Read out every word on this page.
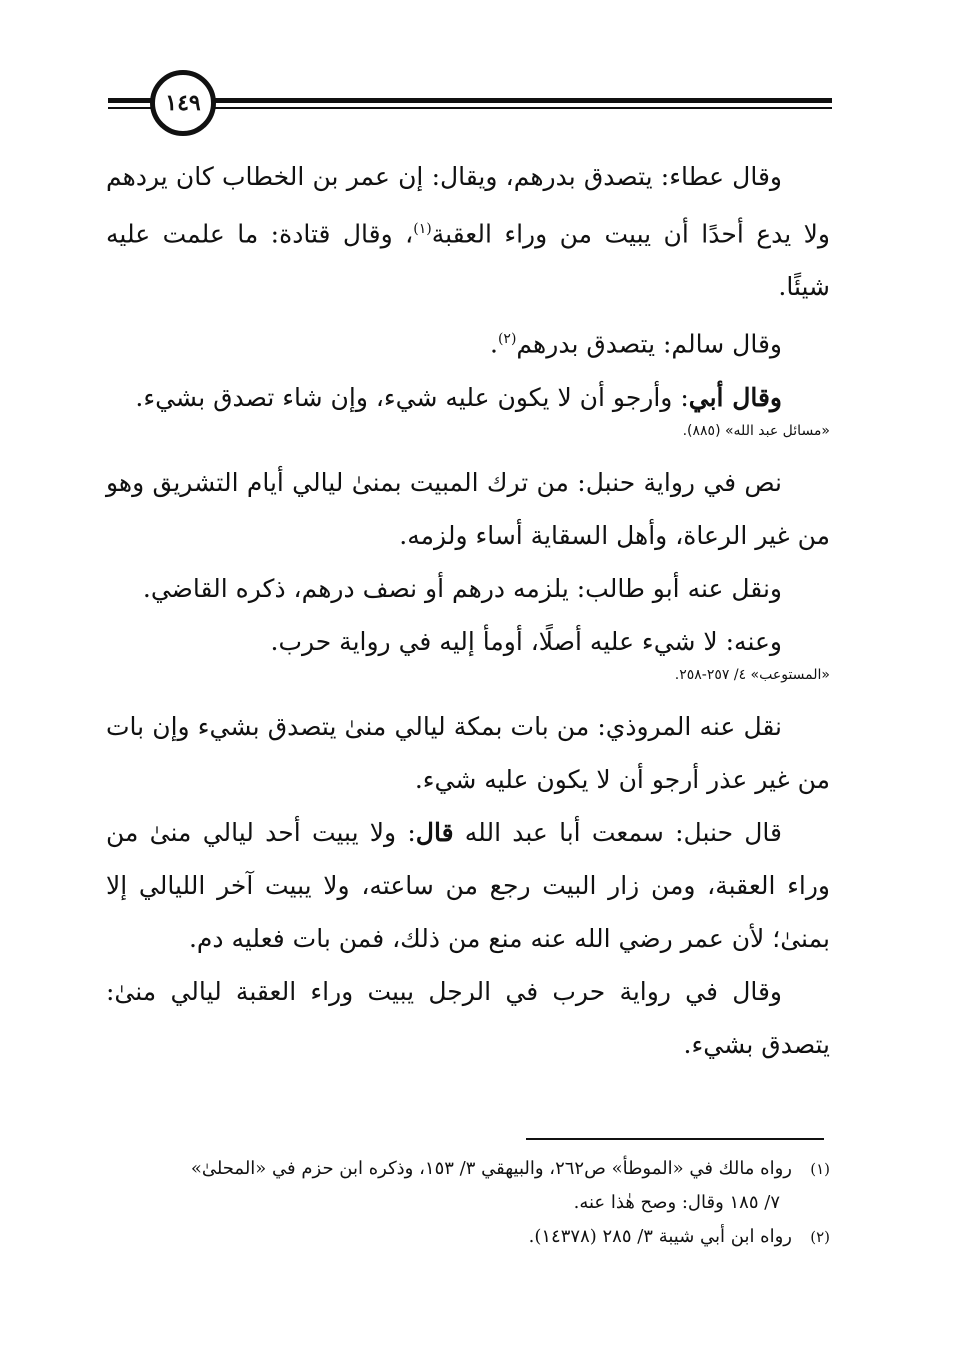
١٤٩

وقال عطاء: يتصدق بدرهم، ويقال: إن عمر بن الخطاب كان يردهم ولا يدع أحدًا أن يبيت من وراء العقبة$^{(١)}$، وقال قتادة: ما علمت عليه شيئًا.

وقال سالم: يتصدق بدرهم$^{(٢)}$.

وقال أبي: وأرجو أن لا يكون عليه شيء، وإن شاء تصدق بشيء.

«مسائل عبد الله» (٨٨٥).

نص في رواية حنبل: من ترك المبيت بمنىٰ ليالي أيام التشريق وهو من غير الرعاة، وأهل السقاية أساء ولزمه.

ونقل عنه أبو طالب: يلزمه درهم أو نصف درهم، ذكره القاضي.

وعنه: لا شيء عليه أصلًا، أومأ إليه في رواية حرب.

«المستوعب» ٤/ ٢٥٧-٢٥٨.

نقل عنه المروذي: من بات بمكة ليالي منىٰ يتصدق بشيء وإن بات من غير عذر أرجو أن لا يكون عليه شيء.

قال حنبل: سمعت أبا عبد الله قال: ولا يبيت أحد ليالي منىٰ من وراء العقبة، ومن زار البيت رجع من ساعته، ولا يبيت آخر الليالي إلا بمنىٰ؛ لأن عمر رضي الله عنه منع من ذلك، فمن بات فعليه دم.

وقال في رواية حرب في الرجل يبيت وراء العقبة ليالي منىٰ: يتصدق بشيء.

(١)رواه مالك في «الموطأ» ص٢٦٢، والبيهقي ٣/ ١٥٣، وذكره ابن حزم في «المحلىٰ»

٧/ ١٨٥ وقال: وصح هٰذا عنه.

(٢)رواه ابن أبي شيبة ٣/ ٢٨٥ (١٤٣٧٨).
